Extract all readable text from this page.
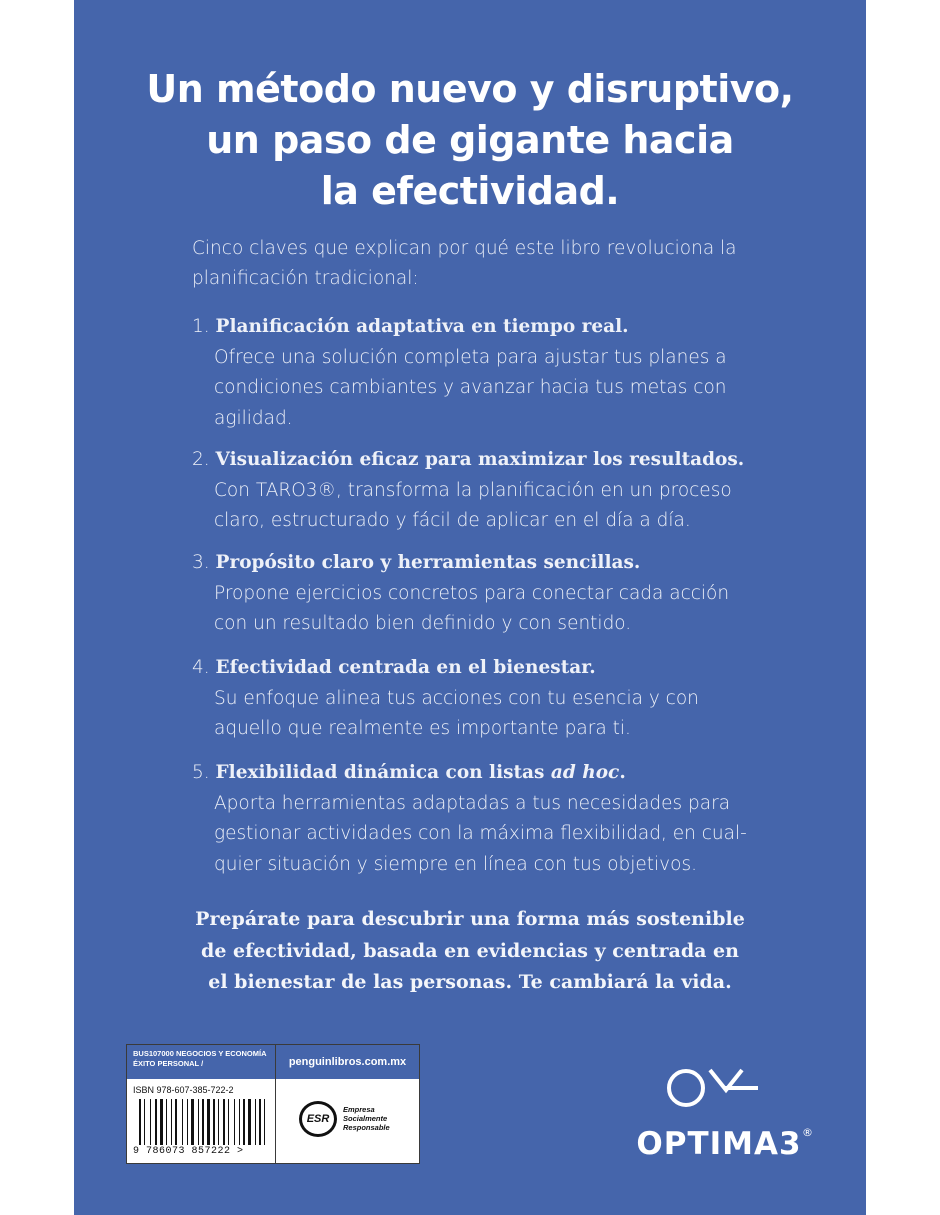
Un método nuevo y disruptivo,
un paso de gigante hacia
la efectividad.
Cinco claves que explican por qué este libro revoluciona la
planificación tradicional:
1. Planificación adaptativa en tiempo real.
Ofrece una solución completa para ajustar tus planes a
condiciones cambiantes y avanzar hacia tus metas con
agilidad.
2. Visualización eficaz para maximizar los resultados.
Con TARO3®, transforma la planificación en un proceso
claro, estructurado y fácil de aplicar en el día a día.
3. Propósito claro y herramientas sencillas.
Propone ejercicios concretos para conectar cada acción
con un resultado bien definido y con sentido.
4. Efectividad centrada en el bienestar.
Su enfoque alinea tus acciones con tu esencia y con
aquello que realmente es importante para ti.
5. Flexibilidad dinámica con listas ad hoc.
Aporta herramientas adaptadas a tus necesidades para
gestionar actividades con la máxima flexibilidad, en cual-
quier situación y siempre en línea con tus objetivos.
Prepárate para descubrir una forma más sostenible
de efectividad, basada en evidencias y centrada en
el bienestar de las personas. Te cambiará la vida.
BUS107000 NEGOCIOS Y ECONOMÍA
ÉXITO PERSONAL /	penguinlibros.com.mx
ISBN 978-607-385-722-2
9 786073 857222 >
ESR
Empresa
Socialmente
Responsable	OPTIMA3 ®
